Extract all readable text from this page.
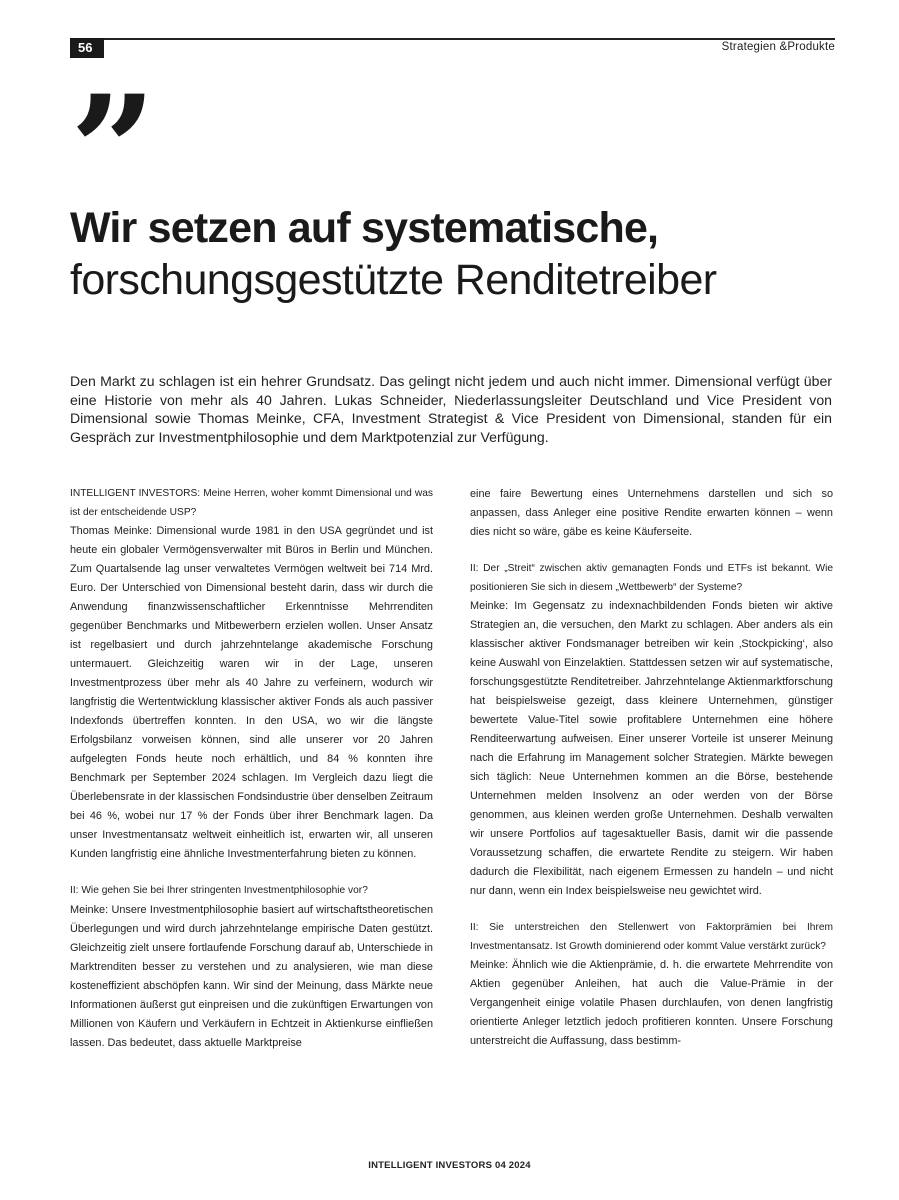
56	Strategien &Produkte
”
Wir setzen auf systematische,
forschungsgestützte Renditetreiber

Den Markt zu schlagen ist ein hehrer Grundsatz. Das gelingt nicht jedem und auch nicht immer. Dimensional verfügt über eine Historie von mehr als 40 Jahren. Lukas Schneider, Niederlassungsleiter Deutschland und Vice President von Dimensional sowie Thomas Meinke, CFA, Investment Strategist & Vice President von Dimensional, standen für ein Gespräch zur Investmentphilosophie und dem Marktpotenzial zur Verfügung.

INTELLIGENT INVESTORS: Meine Herren, woher kommt Dimensional und was ist der entscheidende USP?

Thomas Meinke: Dimensional wurde 1981 in den USA gegründet und ist heute ein globaler Vermögensverwalter mit Büros in Berlin und München. Zum Quartalsende lag unser verwaltetes Vermögen weltweit bei 714 Mrd. Euro. Der Unterschied von Dimensional besteht darin, dass wir durch die Anwendung finanzwissenschaftlicher Erkenntnisse Mehrrenditen gegenüber Benchmarks und Mitbewerbern erzielen wollen. Unser Ansatz ist regelbasiert und durch jahrzehntelange akademische Forschung untermauert. Gleichzeitig waren wir in der Lage, unseren Investmentprozess über mehr als 40 Jahre zu verfeinern, wodurch wir langfristig die Wertentwicklung klassischer aktiver Fonds als auch passiver Indexfonds übertreffen konnten. In den USA, wo wir die längste Erfolgsbilanz vorweisen können, sind alle unserer vor 20 Jahren aufgelegten Fonds heute noch erhältlich, und 84 % konnten ihre Benchmark per September 2024 schlagen. Im Vergleich dazu liegt die Überlebensrate in der klassischen Fondsindustrie über denselben Zeitraum bei 46 %, wobei nur 17 % der Fonds über ihrer Benchmark lagen. Da unser Investmentansatz weltweit einheitlich ist, erwarten wir, all unseren Kunden langfristig eine ähnliche Investmenterfahrung bieten zu können.

II: Wie gehen Sie bei Ihrer stringenten Investmentphilosophie vor?

Meinke: Unsere Investmentphilosophie basiert auf wirtschaftstheoretischen Überlegungen und wird durch jahrzehntelange empirische Daten gestützt. Gleichzeitig zielt unsere fortlaufende Forschung darauf ab, Unterschiede in Marktrenditen besser zu verstehen und zu analysieren, wie man diese kosteneffizient abschöpfen kann. Wir sind der Meinung, dass Märkte neue Informationen äußerst gut einpreisen und die zukünftigen Erwartungen von Millionen von Käufern und Verkäufern in Echtzeit in Aktienkurse einfließen lassen. Das bedeutet, dass aktuelle Marktpreise

eine faire Bewertung eines Unternehmens darstellen und sich so anpassen, dass Anleger eine positive Rendite erwarten können – wenn dies nicht so wäre, gäbe es keine Käuferseite.

II: Der „Streit“ zwischen aktiv gemanagten Fonds und ETFs ist bekannt. Wie positionieren Sie sich in diesem „Wettbewerb“ der Systeme?

Meinke: Im Gegensatz zu indexnachbildenden Fonds bieten wir aktive Strategien an, die versuchen, den Markt zu schlagen. Aber anders als ein klassischer aktiver Fondsmanager betreiben wir kein ‚Stockpicking‘, also keine Auswahl von Einzelaktien. Stattdessen setzen wir auf systematische, forschungsgestützte Renditetreiber. Jahrzehntelange Aktienmarktforschung hat beispielsweise gezeigt, dass kleinere Unternehmen, günstiger bewertete Value-Titel sowie profitablere Unternehmen eine höhere Renditeerwartung aufweisen. Einer unserer Vorteile ist unserer Meinung nach die Erfahrung im Management solcher Strategien. Märkte bewegen sich täglich: Neue Unternehmen kommen an die Börse, bestehende Unternehmen melden Insolvenz an oder werden von der Börse genommen, aus kleinen werden große Unternehmen. Deshalb verwalten wir unsere Portfolios auf tagesaktueller Basis, damit wir die passende Voraussetzung schaffen, die erwartete Rendite zu steigern. Wir haben dadurch die Flexibilität, nach eigenem Ermessen zu handeln – und nicht nur dann, wenn ein Index beispielsweise neu gewichtet wird.

II: Sie unterstreichen den Stellenwert von Faktorprämien bei Ihrem Investmentansatz. Ist Growth dominierend oder kommt Value verstärkt zurück?

Meinke: Ähnlich wie die Aktienprämie, d. h. die erwartete Mehrrendite von Aktien gegenüber Anleihen, hat auch die Value-Prämie in der Vergangenheit einige volatile Phasen durchlaufen, von denen langfristig orientierte Anleger letztlich jedoch profitieren konnten. Unsere Forschung unterstreicht die Auffassung, dass bestimm-

INTELLIGENT INVESTORS 04 2024
